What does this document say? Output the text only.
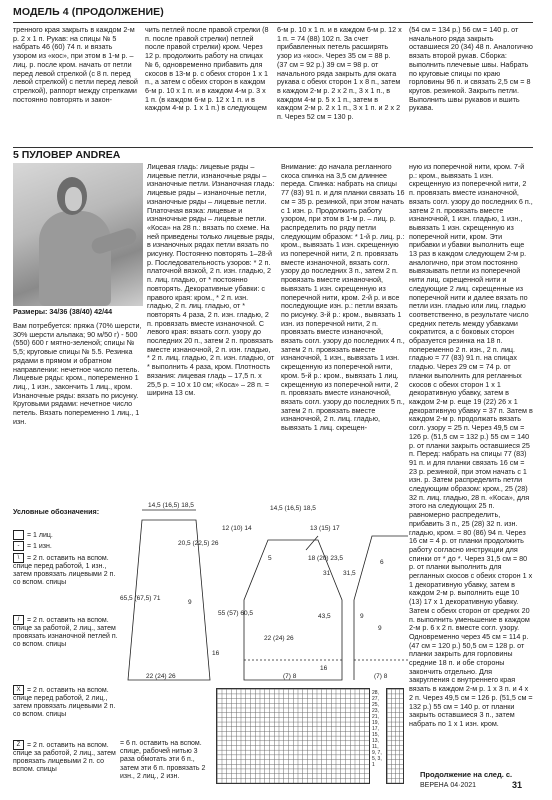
МОДЕЛЬ 4 (ПРОДОЛЖЕНИЕ)
тренного края закрыть в каждом 2-м р. 2 х 1 п. Рукав: на спицы № 5 набрать 46 (60) 74 п. и вязать узором из «кос», при этом в 1-м р. – лиц. р. после кром. начать от петли перед левой стрелкой (с 8 п. перед левой стрелкой) с петли перед левой стрелкой), раппорт между стрелками постоянно повторять и закон-
чить петлей после правой стрелки (8 п. после правой стрелки) петлей после правой стрелки) кром. Через 12 р. продолжить работу на спицах № 6, одновременно прибавить для скосов в 13-м р. с обеих сторон 1 х 1 п., а затем с обеих сторон в каждом 6-м р. 10 х 1 п. и в каждом 4-м р. 3 х 1 п. (в каждом 6-м р. 12 х 1 п. и в каждом 4-м р. 1 х 1 п.) в следующем
6-м р. 10 х 1 п. и в каждом 6-м р. 12 х 1 п. = 74 (88) 102 п. За счет прибавленных петель расширять узор из «кос». Через 35 см = 88 р. (37 см = 92 р.) 39 см = 98 р. от начального ряда закрыть для окатa рукава с обеих сторон 1 х 8 п., затем в каждом 2-м р. 2 х 2 п., 3 х 1 п., в каждом 4-м р. 5 х 1 п., затем в каждом 2-м р. 2 х 1 п., 3 х 1 п. и 2 х 2 п. Через 52 см = 130 р.
(54 см = 134 р.) 56 см = 140 р. от начального ряда закрыть оставшиеся 20 (34) 48 п. Аналогично вязать второй рукав. Сборка: выполнить плечевые швы. Набрать по круговые спицы по краю горловины 96 п. и связать 2,5 см = 8 кругов. резинкой. Закрыть петли. Выполнить швы рукавов и вшить рукава.
5 ПУЛОВЕР ANDREA
Размеры: 34/36 (38/40) 42/44
Вам потребуется: пряжа (70% шерсти, 30% шерсти альпака; 90 м/50 г) - 500 (550) 600 г мятно-зеленой; спицы № 5,5; круговые спицы № 5.5. Резинка рядами в прямом и обратном направлении: нечетное число петель. Лицевые ряды: кром., попеременно 1 лиц., 1 изн., закончить 1 лиц., кром. Изнаночные ряды: вязать по рисунку. Круговыми рядами: нечетное число петель. Вязать попеременно 1 лиц., 1 изн.
Лицевая гладь: лицевые ряды – лицевые петли, изнаночные ряды – изнаночные петли. Изнаночная гладь: лицевые ряды – изнаночные петли, изнаночные ряды – лицевые петли. Платочная вязка: лицевые и изнаночные ряды – лицевые петли. «Коса» на 28 п.: вязать по схеме. На ней приведены только лицевые ряды, в изнаночных рядах петли вязать по рисунку. Постоянно повторять 1–28-й р. Последовательность узоров: * 2 п. платочной вязкой, 2 п. изн. гладью, 2 п. лиц. гладью, от * постоянно повторять. Декоративные убавки: с правого края: кром., * 2 п. изн. гладью, 2 п. лиц. гладью, от * повторять 4 раза, 2 п. изн. гладью, 2 п. провязать вместе изнаночной. С левого края: вязать согл. узору до последних 20 п., затем 2 п. провязать вместе изнаночной, 2 п. изн. гладью, * 2 п. лиц. гладью, 2 п. изн. гладью, от * выполнить 4 раза, кром. Плотность вязания: лицевая гладь – 17,5 п. x 25,5 р. = 10 x 10 см; «Коса» – 28 п. = ширина 13 см.
Внимание: до начала регланного скоса спинка на 3,5 см длиннее переда. Спинка: набрать на спицы 77 (83) 91 п. и для планки связать 16 см = 35 р. резинкой, при этом начать с 1 изн. р. Продолжить работу узором, при этом в 1-м р. – лиц. р. распределить по ряду петли следующим образом: * 1-й р. лиц. р.: кром., вывязать 1 изн. скрещенную из поперечной нити, 2 п. провязать вместе изнаночной, вязать согл. узору до последних 3 п., затем 2 п. провязать вместе изнаночной, вывязать 1 изн. скрещенную из поперечной нити, кром. 2-й р. и все последующие изн. р.: петли вязать по рисунку. 3-й р.: кром., вывязать 1 изн. из поперечной нити, 2 п. провязать вместе изнаночной, вязать согл. узору до последних 4 п., затем 2 п. провязать вместе изнаночной, 1 изн., вывязать 1 изн. скрещенную из поперечной нити, кром. 5-й р.: кром., вывязать 1 лиц. скрещенную из поперечной нити, 2 п. провязать вместе изнаночной, вязать согл. узору до последних 5 п., затем 2 п. провязать вместе изнаночной, 2 п. лиц. гладью, вывязать 1 лиц. скрещен-
ную из поперечной нити, кром. 7-й р.: кром., вывязать 1 изн. скрещенную из поперечной нити, 2 п. провязать вместе изнаночной, вязать согл. узору до последних 6 п., затем 2 п. провязать вместе изнаночной, 1 изн. гладью, 1 изн., вывязать 1 изн. скрещенную из поперечной нити, кром. Эти прибавки и убавки выполнить еще 13 раз в каждом следующем 2-м р. аналогично, при этом постоянно вывязывать петли из поперечной нити лиц. скрещенной нити и следующие 2 лиц. скрещенные из поперечной нити и далее вязать по петли изн. гладью или лиц. гладью соответственно, в результате число средних петель между убавками сократится, а с боковых сторон образуется резинка на 18 п. попеременно 2 п. изн., 2 п. лиц. гладью = 77 (83) 91 п. на спицах гладью. Через 29 см = 74 р. от планки выполнить для регланных скосов с обеих сторон 1 х 1 декоративную убавку, затем в каждом 2-м р. еще 19 (22) 26 х 1 декоративную убавку = 37 п. Затем в каждом 2-м р. продолжать вязать согл. узору = 25 п. Через 49,5 см = 126 р. (51,5 см = 132 р.) 55 см = 140 р. от планки закрыть оставшиеся 25 п. Перед: набрать на спицы 77 (83) 91 п. и для планки связать 16 см = 23 р. резинкой, при этом начать с 1 изн. р. Затем распределить петли следующим образом: кром., 25 (28) 32 п. лиц. гладью, 28 п. «Коса», для этого на следующих 25 п. равномерно распределить, прибавить 3 п., 25 (28) 32 п. изн. гладью, кром. = 80 (86) 94 п. Через 16 см = 4 р. от планки продолжить работу согласно инструкции для спинки от * до *. Через 31,5 см = 80 р. от планки выполнить для регланных скосов с обеих сторон 1 х 1 декоративную убавку, затем в каждом 2-м р. выполнить еще 10 (13) 17 х 1 декоративную убавку. Затем с обеих сторон от средних 20 п. выполнить уменьшение в каждом 2-м р. 6 х 2 п. вместе согл. узору. Одновременно через 45 см = 114 р. (47 см = 120 р.) 50,5 см = 128 р. от планки закрыть для горловины средние 18 п. и обе стороны закончить отдельно. Для закругления с внутреннего края вязать в каждом 2-м р. 1 х 3 п. и 4 х 2 п. Через 49,5 см = 126 р. (51,5 см = 132 р.) 55 см = 140 р. от планки закрыть оставшиеся 3 п., затем набрать по 1 х 1 изн. кром.
Условные обозначения:
= 1 лиц.
- = 1 изн.
\ = 2 п. оставить на вспом. спице перед работой, 1 изн., затем провязать лицевыми 2 п. со вспом. спицы
/ = 2 п. оставить на вспом. спице за работой, 2 лиц., затем провязать изнаночной петлей п. со вспом. спицы
X = 2 п. оставить на вспом. спице перед работой, 2 лиц., затем провязать лицевыми 2 п. со вспом. спицы
Z = 2 п. оставить на вспом. спице за работой, 2 лиц., затем провязать лицевыми 2 п. со вспом. спицы
= 6 п. оставить на вспом. спице, рабочей нитью 3 раза обмотать эти 6 п., затем эти 6 п. провязать 2 изн., 2 лиц., 2 изн.
14,5 (16,5) 18,5
20,5 (22,5) 26
12 (10) 14
65,5 (67,5) 71
9
55 (57) 60,5
16
22 (24) 26
14,5 (16,5) 18,5
13 (15) 17
5	18 (20) 23,5
31
43,5
16
(7) 8
9
22 (24) 26
31,5
6
9
(7) 8
28, 27, 25, 23, 21, 19, 17, 15, 13, 11, 9, 7, 5, 3, 1
Продолжение на след. с.
ВЕРЕНА 04·2021	31
